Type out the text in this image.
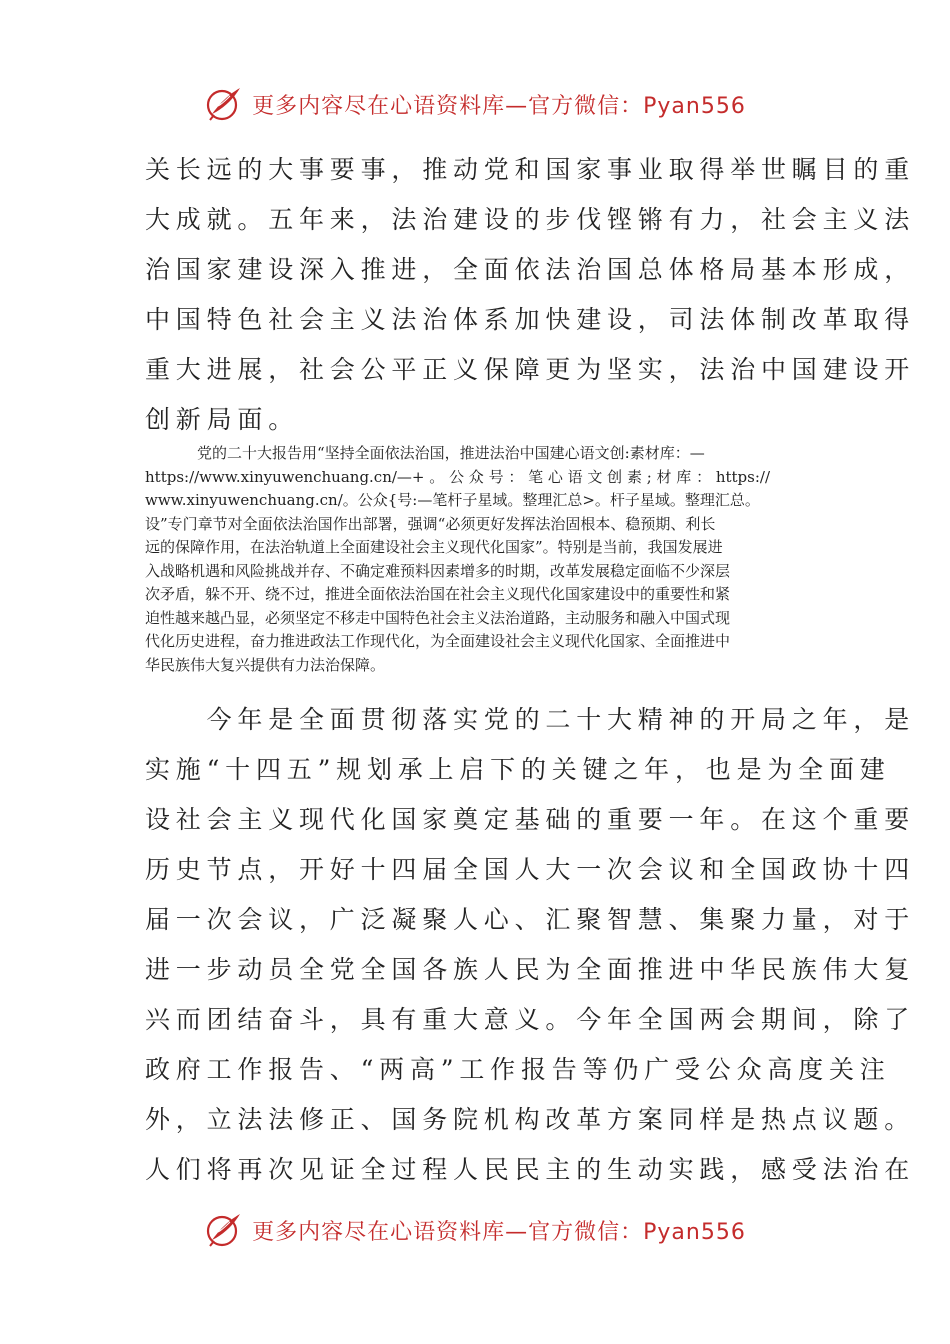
更多内容尽在心语资料库—官方微信：Pyan556
关长远的大事要事，推动党和国家事业取得举世瞩目的重
大成就。五年来，法治建设的步伐铿锵有力，社会主义法
治国家建设深入推进，全面依法治国总体格局基本形成，
中国特色社会主义法治体系加快建设，司法体制改革取得
重大进展，社会公平正义保障更为坚实，法治中国建设开
创新局面。
党的二十大报告用“坚持全面依法治国，推进法治中国建心语文创:素材库：—
https://www.xinyuwenchuang.cn/—+ 。 公 众 号 ： 笔 心 语 文 创 素 ; 材 库 ： https://
www.xinyuwenchuang.cn/。公众{号:—笔杆子星域。整理汇总>。杆子星域。整理汇总。
设”专门章节对全面依法治国作出部署，强调“必须更好发挥法治固根本、稳预期、利长
远的保障作用，在法治轨道上全面建设社会主义现代化国家”。特别是当前，我国发展进
入战略机遇和风险挑战并存、不确定难预料因素增多的时期，改革发展稳定面临不少深层
次矛盾，躲不开、绕不过，推进全面依法治国在社会主义现代化国家建设中的重要性和紧
迫性越来越凸显，必须坚定不移走中国特色社会主义法治道路，主动服务和融入中国式现
代化历史进程，奋力推进政法工作现代化，为全面建设社会主义现代化国家、全面推进中
华民族伟大复兴提供有力法治保障。
　　今年是全面贯彻落实党的二十大精神的开局之年，是
实施“十四五”规划承上启下的关键之年，也是为全面建
设社会主义现代化国家奠定基础的重要一年。在这个重要
历史节点，开好十四届全国人大一次会议和全国政协十四
届一次会议，广泛凝聚人心、汇聚智慧、集聚力量，对于
进一步动员全党全国各族人民为全面推进中华民族伟大复
兴而团结奋斗，具有重大意义。今年全国两会期间，除了
政府工作报告、“两高”工作报告等仍广受公众高度关注
外，立法法修正、国务院机构改革方案同样是热点议题。
人们将再次见证全过程人民民主的生动实践，感受法治在
更多内容尽在心语资料库—官方微信：Pyan556
